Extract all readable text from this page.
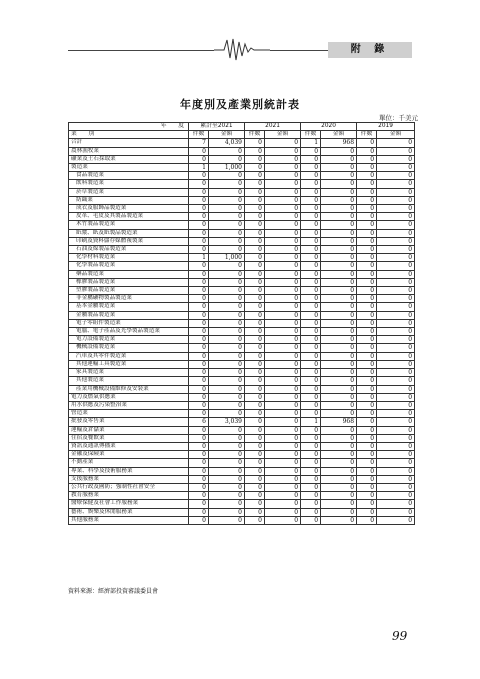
附 錄
年度別及產業別統計表
單位：千美元
年　　度	累計至2021		2021		2020		2019	

業　　別	件數	金額	件數	金額	件數	金額	件數	金額
合計	7	4,039	0	0	1	968	0	0
農林漁牧業	0	0	0	0	0	0	0	0
礦業及土石採取業	0	0	0	0	0	0	0	0
製造業	1	1,000	0	0	0	0	0	0
食品製造業	0	0	0	0	0	0	0	0
飲料製造業	0	0	0	0	0	0	0	0
菸草製造業	0	0	0	0	0	0	0	0
紡織業	0	0	0	0	0	0	0	0
成衣及服飾品製造業	0	0	0	0	0	0	0	0
皮革、毛皮及其製品製造業	0	0	0	0	0	0	0	0
木竹製品製造業	0	0	0	0	0	0	0	0
紙漿、紙及紙製品製造業	0	0	0	0	0	0	0	0
印刷及資料儲存媒體複製業	0	0	0	0	0	0	0	0
石油及煤製品製造業	0	0	0	0	0	0	0	0
化學材料製造業	1	1,000	0	0	0	0	0	0
化學製品製造業	0	0	0	0	0	0	0	0
藥品製造業	0	0	0	0	0	0	0	0
橡膠製品製造業	0	0	0	0	0	0	0	0
塑膠製品製造業	0	0	0	0	0	0	0	0
非金屬礦物製品製造業	0	0	0	0	0	0	0	0
基本金屬製造業	0	0	0	0	0	0	0	0
金屬製品製造業	0	0	0	0	0	0	0	0
電子零組件製造業	0	0	0	0	0	0	0	0
電腦、電子產品及光學製品製造業	0	0	0	0	0	0	0	0
電力設備製造業	0	0	0	0	0	0	0	0
機械設備製造業	0	0	0	0	0	0	0	0
汽車及其零件製造業	0	0	0	0	0	0	0	0
其他運輸工具製造業	0	0	0	0	0	0	0	0
家具製造業	0	0	0	0	0	0	0	0
其他製造業	0	0	0	0	0	0	0	0
產業用機械設備維修及安裝業	0	0	0	0	0	0	0	0
電力及燃氣供應業	0	0	0	0	0	0	0	0
用水供應及污染整治業	0	0	0	0	0	0	0	0
營造業	0	0	0	0	0	0	0	0
批發及零售業	6	3,039	0	0	1	968	0	0
運輸及倉儲業	0	0	0	0	0	0	0	0
住宿及餐飲業	0	0	0	0	0	0	0	0
資訊及通訊傳播業	0	0	0	0	0	0	0	0
金融及保險業	0	0	0	0	0	0	0	0
不動產業	0	0	0	0	0	0	0	0
專業、科學及技術服務業	0	0	0	0	0	0	0	0
支援服務業	0	0	0	0	0	0	0	0
公共行政及國防；強制性社會安全	0	0	0	0	0	0	0	0
教育服務業	0	0	0	0	0	0	0	0
醫療保健及社會工作服務業	0	0	0	0	0	0	0	0
藝術、娛樂及休閒服務業	0	0	0	0	0	0	0	0
其他服務業	0	0	0	0	0	0	0	0
資料來源：經濟部投資審議委員會
99
